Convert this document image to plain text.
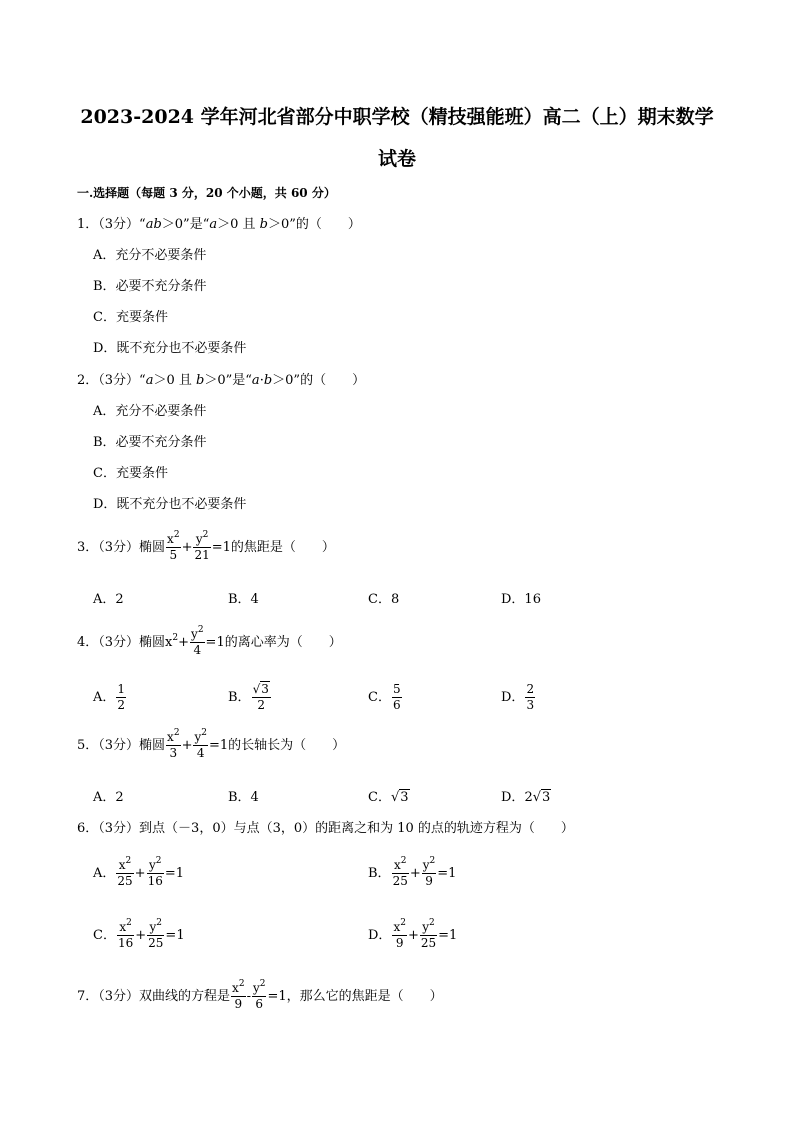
2023-2024 学年河北省部分中职学校（精技强能班）高二（上）期末数学
试卷
一.选择题（每题 3 分，20 个小题，共 60 分）
1．（3分）“ab＞0”是“a＞0 且 b＞0”的（　　）
A．充分不必要条件
B．必要不充分条件
C．充要条件
D．既不充分也不必要条件
2．（3分）“a＞0 且 b＞0”是“a·b＞0”的（　　）
A．充分不必要条件
B．必要不充分条件
C．充要条件
D．既不充分也不必要条件
3．（3分）椭圆 $\frac{x^2}{5} + \frac{y^2}{21} =1$的焦距是（　　）
A．2	B．4	C．8	D．16
4．（3分）椭圆$x^2+ \frac{y^2}{4} =1$的离心率为（　　）
A． $\frac{1}{2}$	B． $\frac{√3}{2}$	C． $\frac{5}{6}$	D． $\frac{2}{3}$
5．（3分）椭圆 $\frac{x^2}{3} + \frac{y^2}{4} =1$的长轴长为（　　）
A．2	B．4	C．√3	D．2√3
6．（3分）到点（－3，0）与点（3，0）的距离之和为 10 的点的轨迹方程为（　　）
A． $\frac{x^2}{25} + \frac{y^2}{16} =1$	B． $\frac{x^2}{25} + \frac{y^2}{9} =1$
C． $\frac{x^2}{16} + \frac{y^2}{25} =1$	D． $\frac{x^2}{9} + \frac{y^2}{25} =1$
7．（3分）双曲线的方程是 $\frac{x^2}{9} - \frac{y^2}{6} =1$，那么它的焦距是（　　）
